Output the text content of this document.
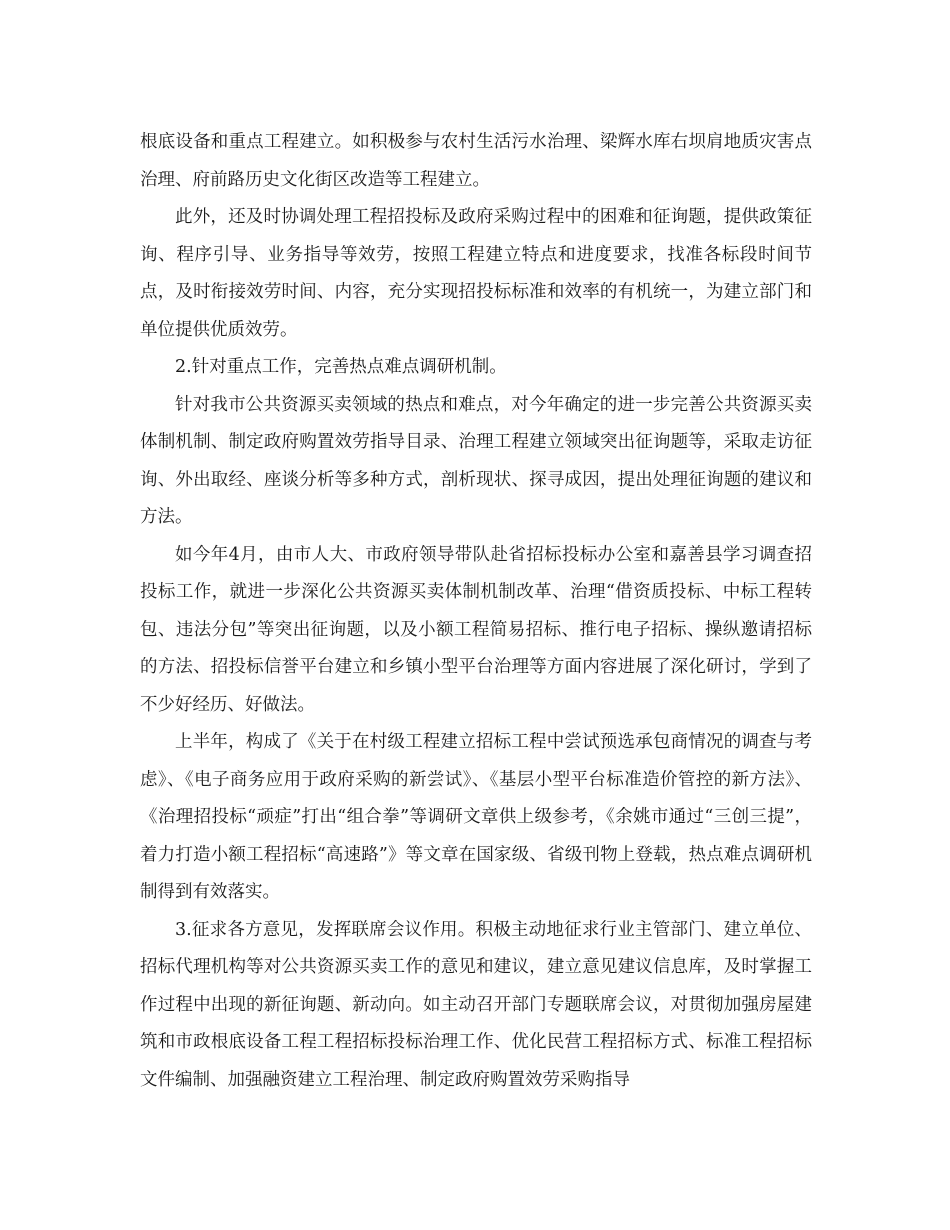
根底设备和重点工程建立。如积极参与农村生活污水治理、梁辉水库右坝肩地质灾害点治理、府前路历史文化街区改造等工程建立。

此外，还及时协调处理工程招投标及政府采购过程中的困难和征询题，提供政策征询、程序引导、业务指导等效劳，按照工程建立特点和进度要求，找准各标段时间节点，及时衔接效劳时间、内容，充分实现招投标标准和效率的有机统一，为建立部门和单位提供优质效劳。

2.针对重点工作，完善热点难点调研机制。

针对我市公共资源买卖领域的热点和难点，对今年确定的进一步完善公共资源买卖体制机制、制定政府购置效劳指导目录、治理工程建立领域突出征询题等，采取走访征询、外出取经、座谈分析等多种方式，剖析现状、探寻成因，提出处理征询题的建议和方法。

如今年4月，由市人大、市政府领导带队赴省招标投标办公室和嘉善县学习调查招投标工作，就进一步深化公共资源买卖体制机制改革、治理“借资质投标、中标工程转包、违法分包”等突出征询题，以及小额工程简易招标、推行电子招标、操纵邀请招标的方法、招投标信誉平台建立和乡镇小型平台治理等方面内容进展了深化研讨，学到了不少好经历、好做法。

上半年，构成了《关于在村级工程建立招标工程中尝试预选承包商情况的调查与考虑》、《电子商务应用于政府采购的新尝试》、《基层小型平台标准造价管控的新方法》、《治理招投标“顽症”打出“组合拳”等调研文章供上级参考，《余姚市通过“三创三提”，着力打造小额工程招标“高速路”》等文章在国家级、省级刊物上登载，热点难点调研机制得到有效落实。

3.征求各方意见，发挥联席会议作用。积极主动地征求行业主管部门、建立单位、招标代理机构等对公共资源买卖工作的意见和建议，建立意见建议信息库，及时掌握工作过程中出现的新征询题、新动向。如主动召开部门专题联席会议，对贯彻加强房屋建筑和市政根底设备工程工程招标投标治理工作、优化民营工程招标方式、标准工程招标文件编制、加强融资建立工程治理、制定政府购置效劳采购指导
